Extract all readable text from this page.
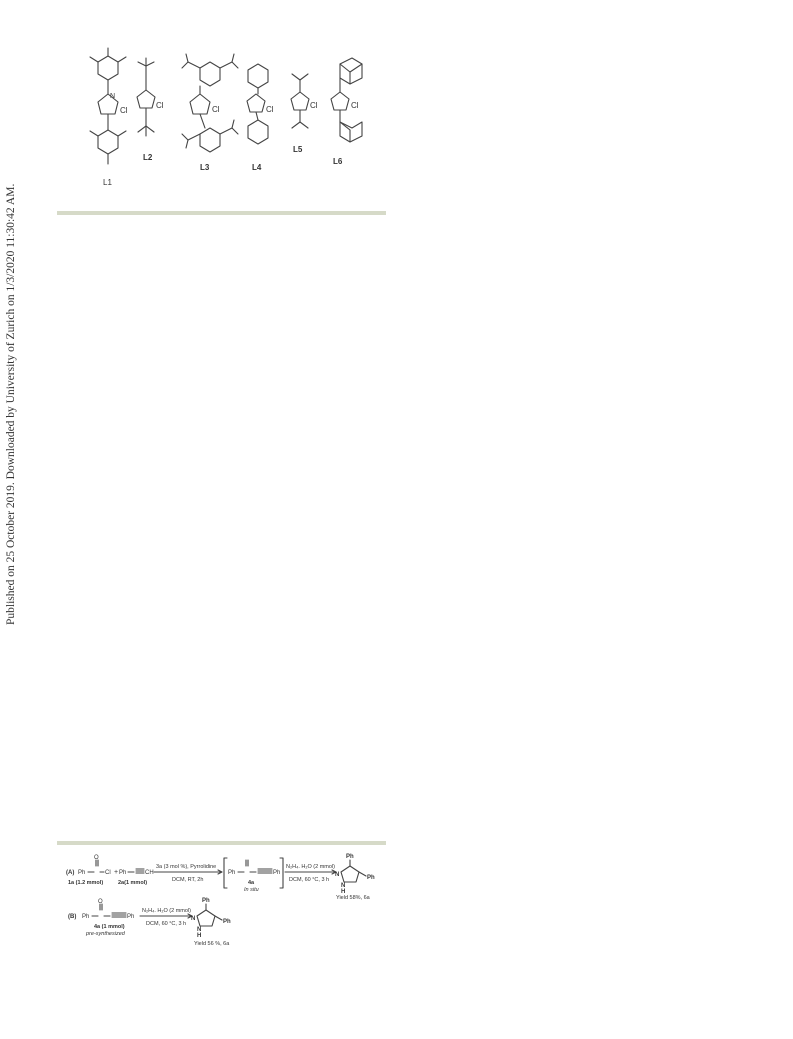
Published on 25 October 2019. Downloaded by University of Zurich on 1/3/2020 11:30:42 AM.
N
Cl
L1
Cl
L2
Cl
L3
Cl
L4
Cl
L5
Cl
L6
(A) Ph
O
Cl + Ph	CH
1a (1.2 mmol)	2a(1 mmol)
3a (3 mol %), Pyrrolidine
DCM, RT, 2h
Ph	Ph
4a
In situ
N₂H₄. H₂O (2 mmol)
DCM, 60 °C, 3 h
Ph
Ph
N
N
H
Yield 58%, 6a
(B) Ph
O
Ph
4a (1 mmol)
pre-synthesized
N₂H₄. H₂O (2 mmol)
DCM, 60 °C, 3 h
Ph
Ph
N
N
H
Yield 56 %, 6a
